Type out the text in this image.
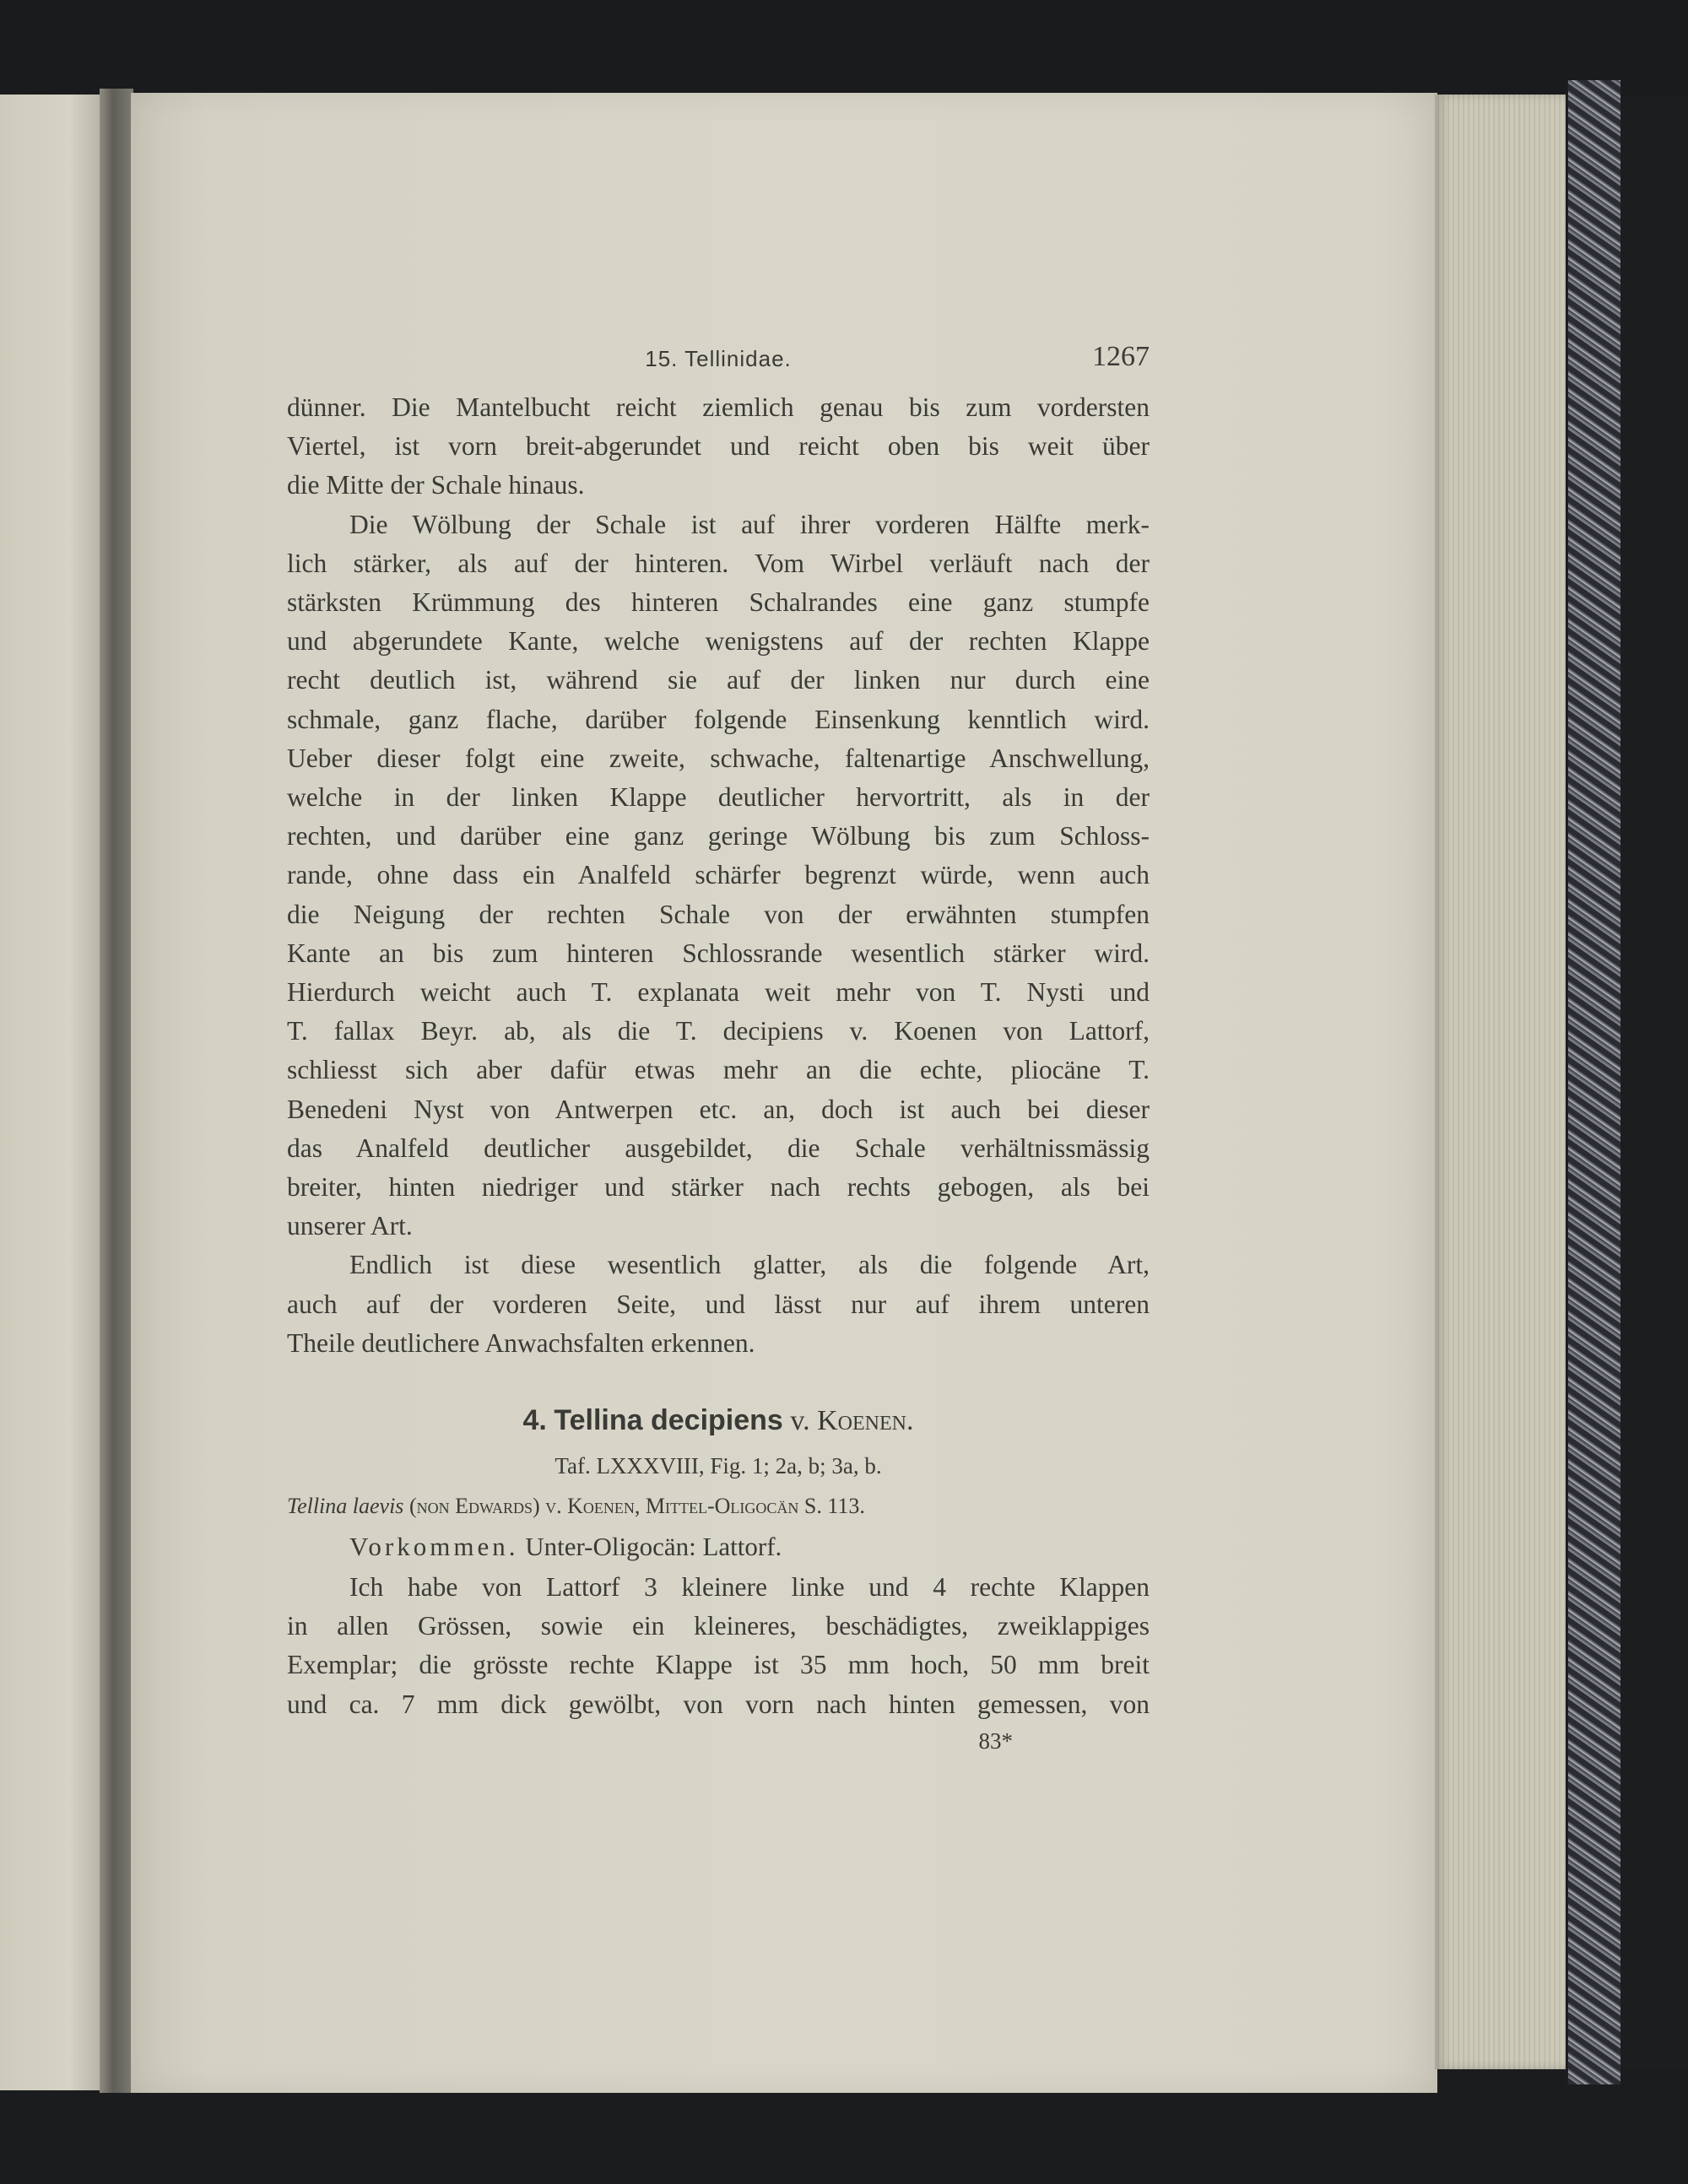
15. Tellinidae.	1267
dünner. Die Mantelbucht reicht ziemlich genau bis zum vordersten
Viertel, ist vorn breit-abgerundet und reicht oben bis weit über
die Mitte der Schale hinaus.
Die Wölbung der Schale ist auf ihrer vorderen Hälfte merk-
lich stärker, als auf der hinteren. Vom Wirbel verläuft nach der
stärksten Krümmung des hinteren Schalrandes eine ganz stumpfe
und abgerundete Kante, welche wenigstens auf der rechten Klappe
recht deutlich ist, während sie auf der linken nur durch eine
schmale, ganz flache, darüber folgende Einsenkung kenntlich wird.
Ueber dieser folgt eine zweite, schwache, faltenartige Anschwellung,
welche in der linken Klappe deutlicher hervortritt, als in der
rechten, und darüber eine ganz geringe Wölbung bis zum Schloss-
rande, ohne dass ein Analfeld schärfer begrenzt würde, wenn auch
die Neigung der rechten Schale von der erwähnten stumpfen
Kante an bis zum hinteren Schlossrande wesentlich stärker wird.
Hierdurch weicht auch T. explanata weit mehr von T. Nysti und
T. fallax Beyr. ab, als die T. decipiens v. Koenen von Lattorf,
schliesst sich aber dafür etwas mehr an die echte, pliocäne T.
Benedeni Nyst von Antwerpen etc. an, doch ist auch bei dieser
das Analfeld deutlicher ausgebildet, die Schale verhältnissmässig
breiter, hinten niedriger und stärker nach rechts gebogen, als bei
unserer Art.
Endlich ist diese wesentlich glatter, als die folgende Art,
auch auf der vorderen Seite, und lässt nur auf ihrem unteren
Theile deutlichere Anwachsfalten erkennen.
4. Tellina decipiens v. Koenen.
Taf. LXXXVIII, Fig. 1; 2a, b; 3a, b.
Tellina laevis (non Edwards) v. Koenen, Mittel-Oligocän S. 113.
Vorkommen. Unter-Oligocän: Lattorf.
Ich habe von Lattorf 3 kleinere linke und 4 rechte Klappen
in allen Grössen, sowie ein kleineres, beschädigtes, zweiklappiges
Exemplar; die grösste rechte Klappe ist 35 mm hoch, 50 mm breit
und ca. 7 mm dick gewölbt, von vorn nach hinten gemessen, von
83*
